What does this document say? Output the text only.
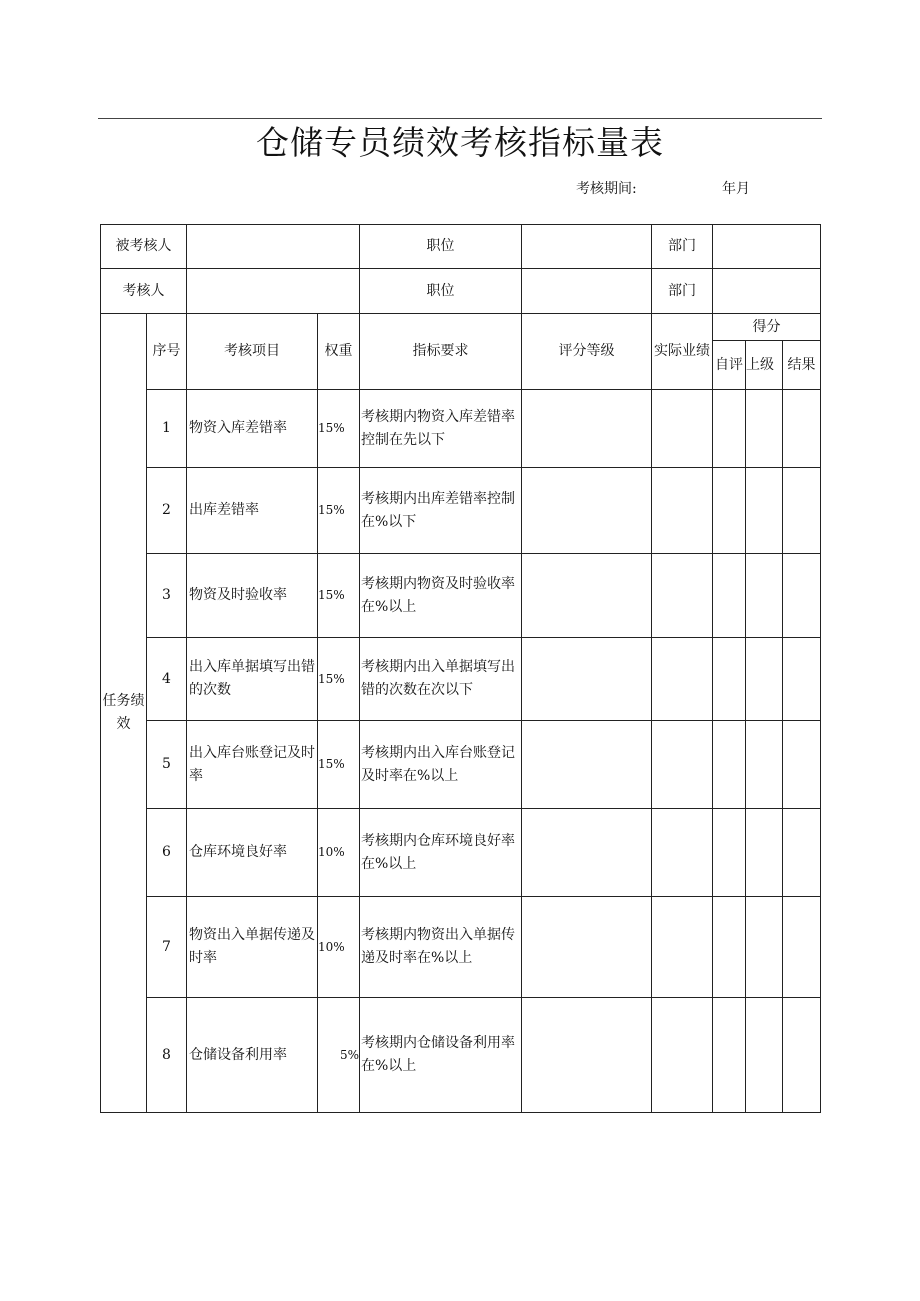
仓储专员绩效考核指标量表
考核期间:	年月
被考核人				职位		部门			
考核人				职位		部门			
任务绩效	序号	考核项目	权重	指标要求	评分等级	实际业绩	得分		
							自评	上级	结果
	1	物资入库差错率	15%	考核期内物资入库差错率控制在先以下					
	2	出库差错率	15%	考核期内出库差错率控制在%以下					
	3	物资及时验收率	15%	考核期内物资及时验收率在%以上					
	4	出入库单据填写出错的次数	15%	考核期内出入单据填写出错的次数在次以下					
	5	出入库台账登记及时率	15%	考核期内出入库台账登记及时率在%以上					
	6	仓库环境良好率	10%	考核期内仓库环境良好率在%以上					
	7	物资出入单据传递及时率	10%	考核期内物资出入单据传递及时率在%以上					
	8	仓储设备利用率	5%	考核期内仓储设备利用率在%以上					
